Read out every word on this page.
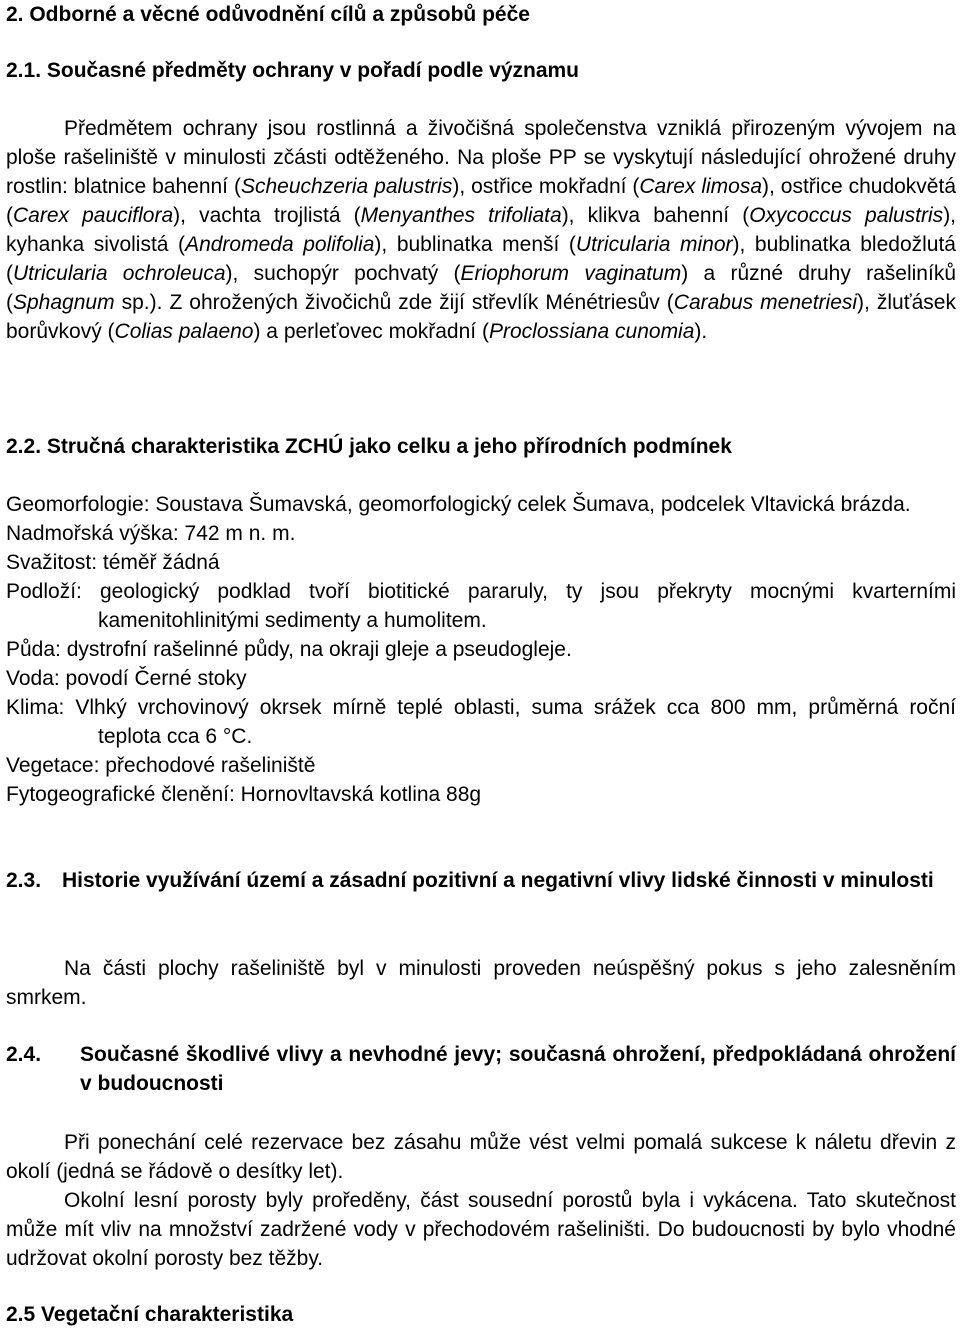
2. Odborné a věcné odůvodnění cílů a způsobů péče

2.1. Současné předměty ochrany v pořadí podle významu

Předmětem ochrany jsou rostlinná a živočišná společenstva vzniklá přirozeným vývojem na ploše rašeliniště v minulosti zčásti odtěženého. Na ploše PP se vyskytují následující ohrožené druhy rostlin: blatnice bahenní (Scheuchzeria palustris), ostřice mokřadní (Carex limosa), ostřice chudokvětá (Carex pauciflora), vachta trojlistá (Menyanthes trifoliata), klikva bahenní (Oxycoccus palustris), kyhanka sivolistá (Andromeda polifolia), bublinatka menší (Utricularia minor), bublinatka bledožlutá (Utricularia ochroleuca), suchopýr pochvatý (Eriophorum vaginatum) a různé druhy rašeliníků (Sphagnum sp.). Z ohrožených živočichů zde žijí střevlík Ménétriesův (Carabus menetriesi), žluťásek borůvkový (Colias palaeno) a perleťovec mokřadní (Proclossiana cunomia).

2.2. Stručná charakteristika ZCHÚ jako celku a jeho přírodních podmínek

Geomorfologie: Soustava Šumavská, geomorfologický celek Šumava, podcelek Vltavická brázda.

Nadmořská výška: 742 m n. m.

Svažitost: téměř žádná

Podloží: geologický podklad tvoří biotitické pararuly, ty jsou překryty mocnými kvarterními kamenitohlinitými sedimenty a humolitem.

Půda: dystrofní rašelinné půdy, na okraji gleje a pseudogleje.

Voda: povodí Černé stoky

Klima: Vlhký vrchovinový okrsek mírně teplé oblasti, suma srážek cca 800 mm, průměrná roční teplota cca 6 °C.

Vegetace: přechodové rašeliniště

Fytogeografické členění: Hornovltavská kotlina 88g

2.3. Historie využívání území a zásadní pozitivní a negativní vlivy lidské činnosti v minulosti

Na části plochy rašeliniště byl v minulosti proveden neúspěšný pokus s jeho zalesněním smrkem.

2.4.	Současné škodlivé vlivy a nevhodné jevy; současná ohrožení, předpokládaná ohrožení v budoucnosti

Při ponechání celé rezervace bez zásahu může vést velmi pomalá sukcese k náletu dřevin z okolí (jedná se řádově o desítky let).

Okolní lesní porosty byly proředěny, část sousední porostů byla i vykácena. Tato skutečnost může mít vliv na množství zadržené vody v přechodovém rašeliništi. Do budoucnosti by bylo vhodné udržovat okolní porosty bez těžby.

2.5 Vegetační charakteristika
